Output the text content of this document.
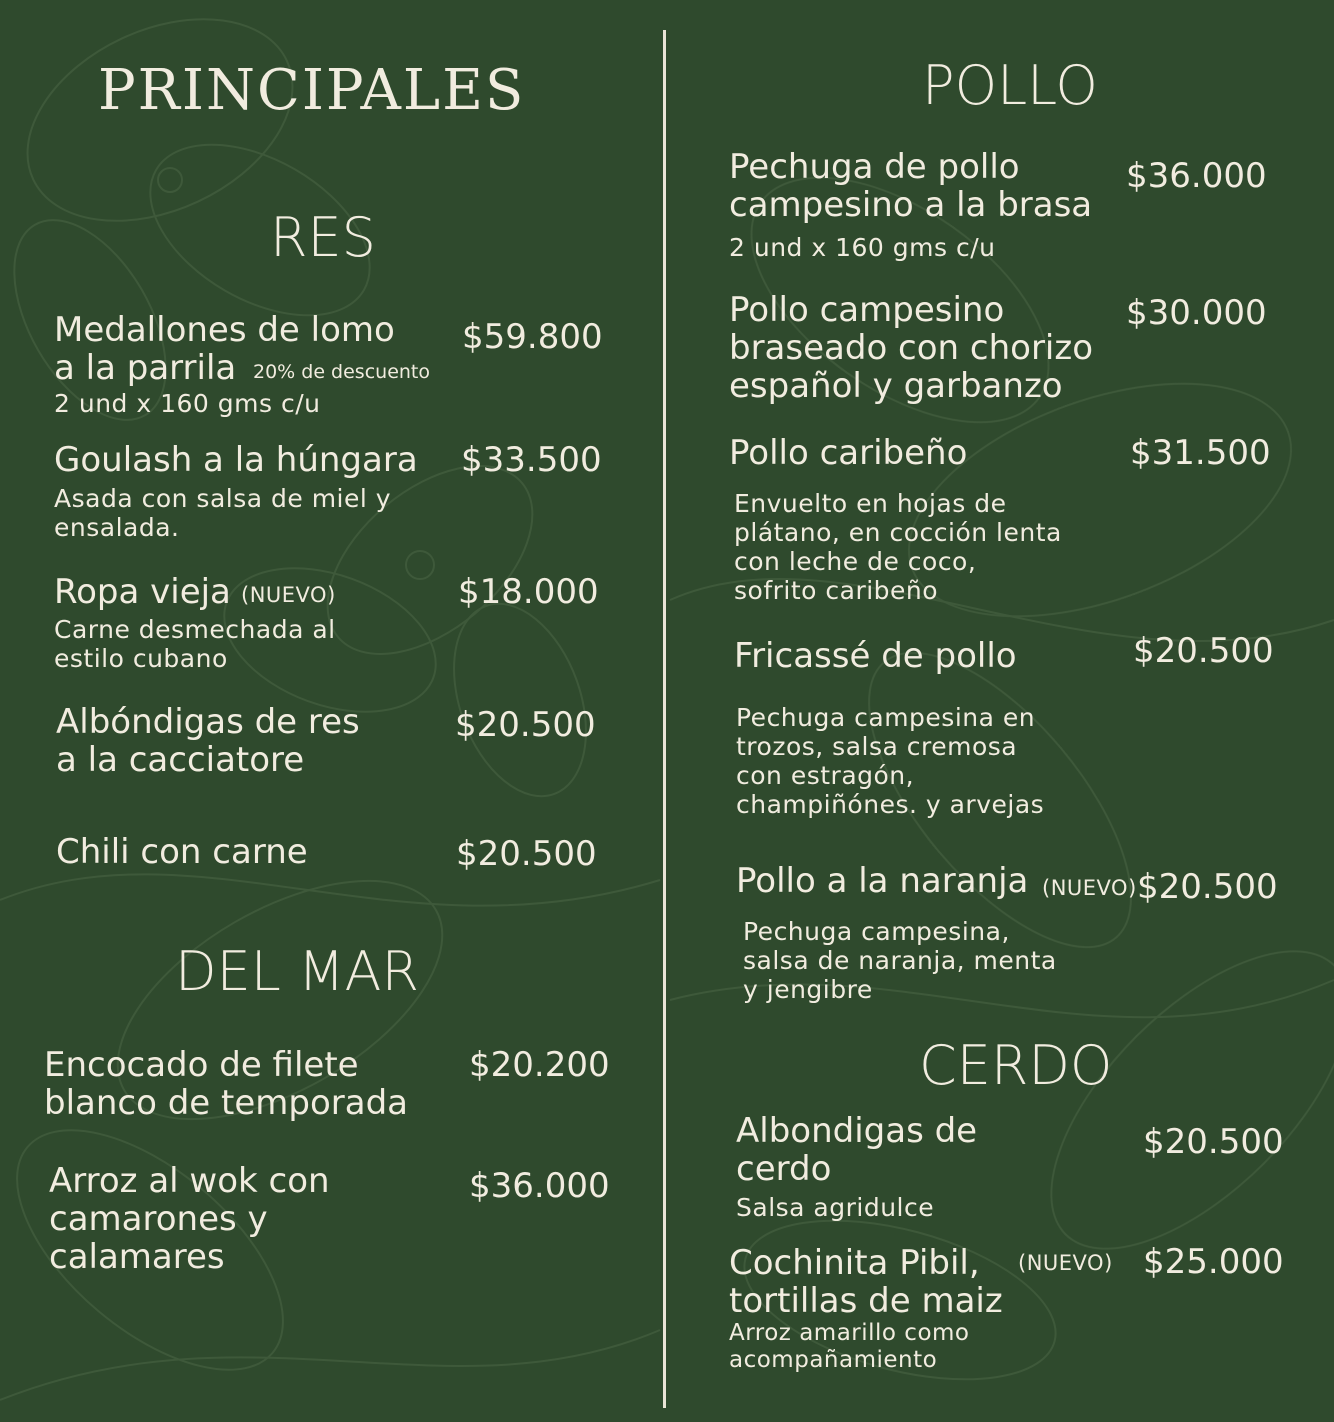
PRINCIPALES
RES
Medallones de lomo
a la parrila 20% de descuento
2 und x 160 gms c/u
$59.800
Goulash a la húngara
Asada con salsa de miel y
ensalada.
$33.500
Ropa vieja (NUEVO)
Carne desmechada al
estilo cubano
$18.000
Albóndigas de res
a la cacciatore
$20.500
Chili con carne	$20.500
DEL MAR
Encocado de filete
blanco de temporada
$20.200
Arroz al wok con
camarones y
calamares
$36.000
POLLO
Pechuga de pollo
campesino a la brasa
2 und x 160 gms c/u
$36.000
Pollo campesino
braseado con chorizo
español y garbanzo
$30.000
Pollo caribeño
Envuelto en hojas de
plátano, en cocción lenta
con leche de coco,
sofrito caribeño
$31.500
Fricassé de pollo
Pechuga campesina en
trozos, salsa cremosa
con estragón,
champiñónes. y arvejas
$20.500
Pollo a la naranja (NUEVO)
Pechuga campesina,
salsa de naranja, menta
y jengibre
$20.500
CERDO
Albondigas de
cerdo
Salsa agridulce
$20.500
Cochinita Pibil,
tortillas de maiz
(NUEVO)
Arroz amarillo como
acompañamiento
$25.000
